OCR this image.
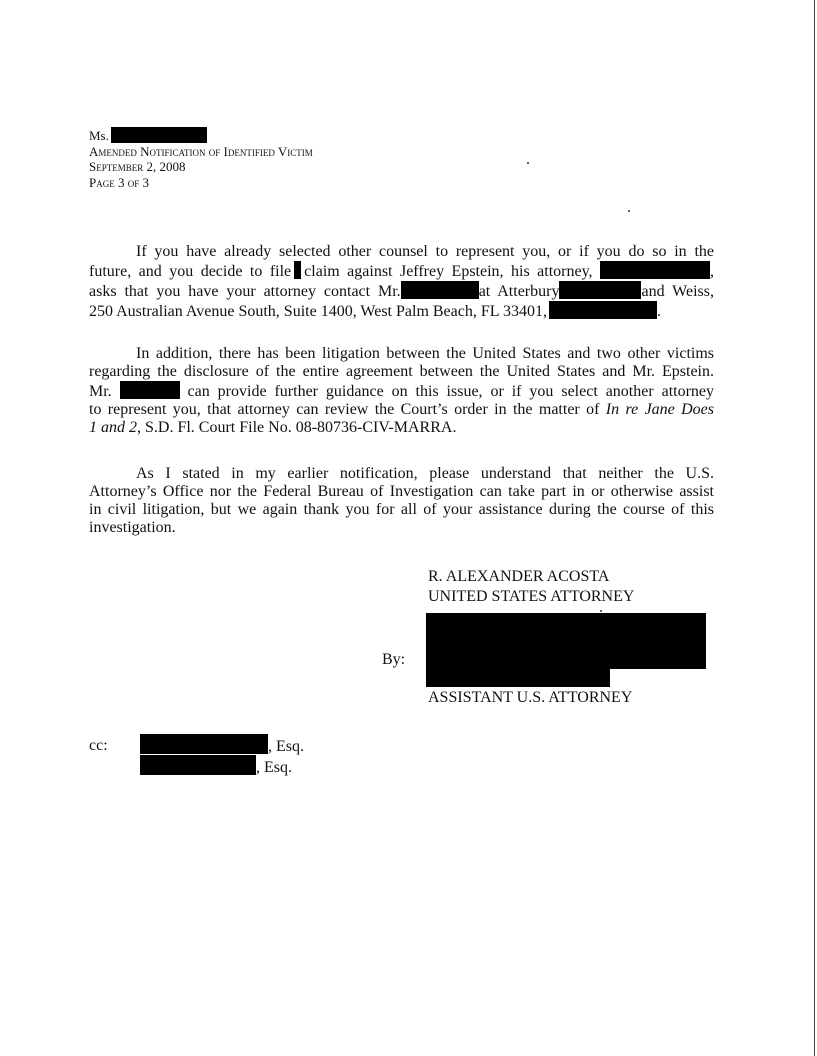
Ms.
Amended Notification of Identified Victim
September 2, 2008
Page 3 of 3
If you have already selected other counsel to represent you, or if you do so in the
future, and you decide to file claim against Jeffrey Epstein, his attorney,	,
asks that you have your attorney contact Mr.	at Atterbury	and Weiss,
250 Australian Avenue South, Suite 1400, West Palm Beach, FL 33401,	.
In addition, there has been litigation between the United States and two other victims
regarding the disclosure of the entire agreement between the United States and Mr. Epstein.
Mr.	can provide further guidance on this issue, or if you select another attorney
to represent you, that attorney can review the Court’s order in the matter of In re Jane Does
1 and 2, S.D. Fl. Court File No. 08-80736-CIV-MARRA.
As I stated in my earlier notification, please understand that neither the U.S.
Attorney’s Office nor the Federal Bureau of Investigation can take part in or otherwise assist
in civil litigation, but we again thank you for all of your assistance during the course of this
investigation.
R. ALEXANDER ACOSTA
UNITED STATES ATTORNEY
By:
ASSISTANT U.S. ATTORNEY
cc:	, Esq.
, Esq.
